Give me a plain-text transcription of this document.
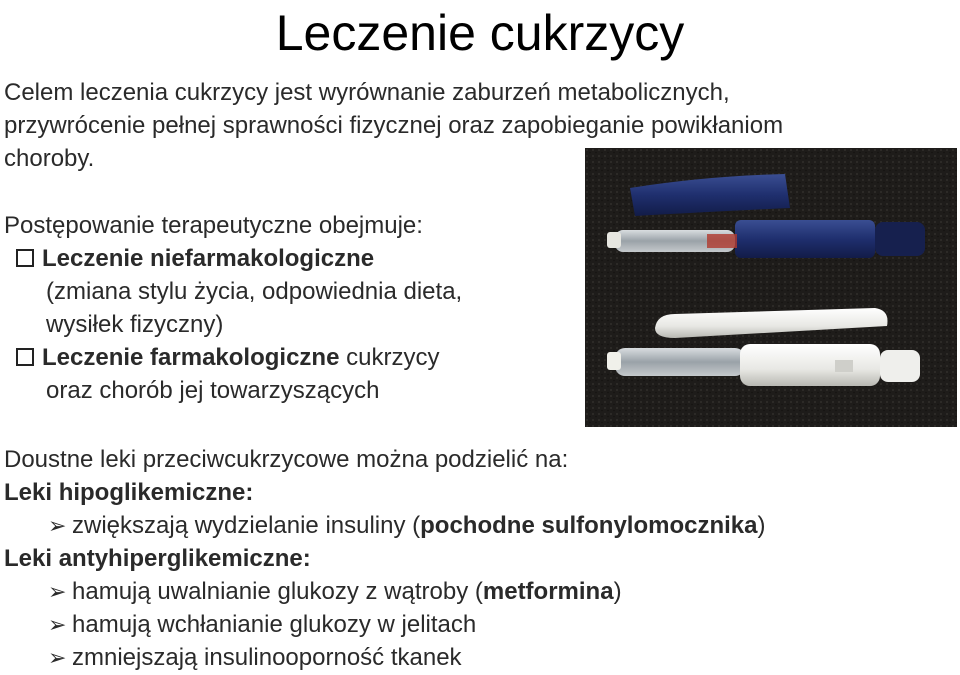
Leczenie cukrzycy
Celem leczenia cukrzycy jest wyrównanie zaburzeń metabolicznych,
przywrócenie pełnej sprawności fizycznej oraz zapobieganie powikłaniom
choroby.
Postępowanie terapeutyczne obejmuje:
Leczenie niefarmakologiczne
(zmiana stylu życia, odpowiednia dieta,
wysiłek fizyczny)
Leczenie farmakologiczne cukrzycy
oraz chorób jej towarzyszących
Doustne leki przeciwcukrzycowe można podzielić na:
Leki hipoglikemiczne:
➢ zwiększają wydzielanie insuliny (pochodne sulfonylomocznika)
Leki antyhiperglikemiczne:
➢ hamują uwalnianie glukozy z wątroby (metformina)
➢ hamują wchłanianie glukozy w jelitach
➢ zmniejszają insulinooporność tkanek
